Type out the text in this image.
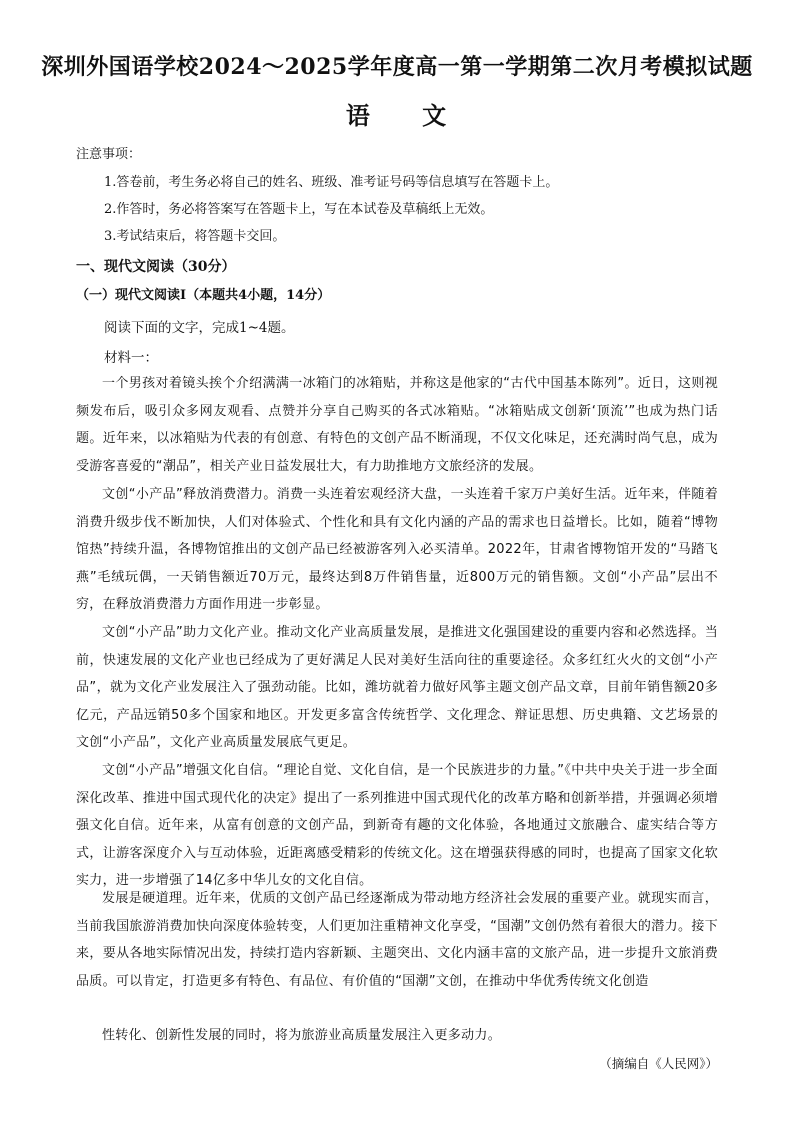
深圳外国语学校2024～2025学年度高一第一学期第二次月考模拟试题
语 文
注意事项：
1.答卷前，考生务必将自己的姓名、班级、准考证号码等信息填写在答题卡上。
2.作答时，务必将答案写在答题卡上，写在本试卷及草稿纸上无效。
3.考试结束后，将答题卡交回。
一、现代文阅读（30分）
（一）现代文阅读Ⅰ（本题共4小题，14分）
阅读下面的文字，完成1~4题。
材料一：

一个男孩对着镜头挨个介绍满满一冰箱门的冰箱贴，并称这是他家的“古代中国基本陈列”。近日，这则视频发布后，吸引众多网友观看、点赞并分享自己购买的各式冰箱贴。“冰箱贴成文创新‘顶流’”也成为热门话题。近年来，以冰箱贴为代表的有创意、有特色的文创产品不断涌现，不仅文化味足，还充满时尚气息，成为受游客喜爱的“潮品”，相关产业日益发展壮大，有力助推地方文旅经济的发展。

文创“小产品”释放消费潜力。消费一头连着宏观经济大盘，一头连着千家万户美好生活。近年来，伴随着消费升级步伐不断加快，人们对体验式、个性化和具有文化内涵的产品的需求也日益增长。比如，随着“博物馆热”持续升温，各博物馆推出的文创产品已经被游客列入必买清单。2022年，甘肃省博物馆开发的“马踏飞燕”毛绒玩偶，一天销售额近70万元，最终达到8万件销售量，近800万元的销售额。文创“小产品”层出不穷，在释放消费潜力方面作用进一步彰显。

文创“小产品”助力文化产业。推动文化产业高质量发展，是推进文化强国建设的重要内容和必然选择。当前，快速发展的文化产业也已经成为了更好满足人民对美好生活向往的重要途径。众多红红火火的文创“小产品”，就为文化产业发展注入了强劲动能。比如，潍坊就着力做好风筝主题文创产品文章，目前年销售额20多亿元，产品远销50多个国家和地区。开发更多富含传统哲学、文化理念、辩证思想、历史典籍、文艺场景的文创“小产品”，文化产业高质量发展底气更足。

文创“小产品”增强文化自信。“理论自觉、文化自信，是一个民族进步的力量。”《中共中央关于进一步全面深化改革、推进中国式现代化的决定》提出了一系列推进中国式现代化的改革方略和创新举措，并强调必须增强文化自信。近年来，从富有创意的文创产品，到新奇有趣的文化体验，各地通过文旅融合、虚实结合等方式，让游客深度介入与互动体验，近距离感受精彩的传统文化。这在增强获得感的同时，也提高了国家文化软实力，进一步增强了14亿多中华儿女的文化自信。

发展是硬道理。近年来，优质的文创产品已经逐渐成为带动地方经济社会发展的重要产业。就现实而言，当前我国旅游消费加快向深度体验转变，人们更加注重精神文化享受，“国潮”文创仍然有着很大的潜力。接下来，要从各地实际情况出发，持续打造内容新颖、主题突出、文化内涵丰富的文旅产品，进一步提升文旅消费品质。可以肯定，打造更多有特色、有品位、有价值的“国潮”文创，在推动中华优秀传统文化创造

性转化、创新性发展的同时，将为旅游业高质量发展注入更多动力。

（摘编自《人民网》）
